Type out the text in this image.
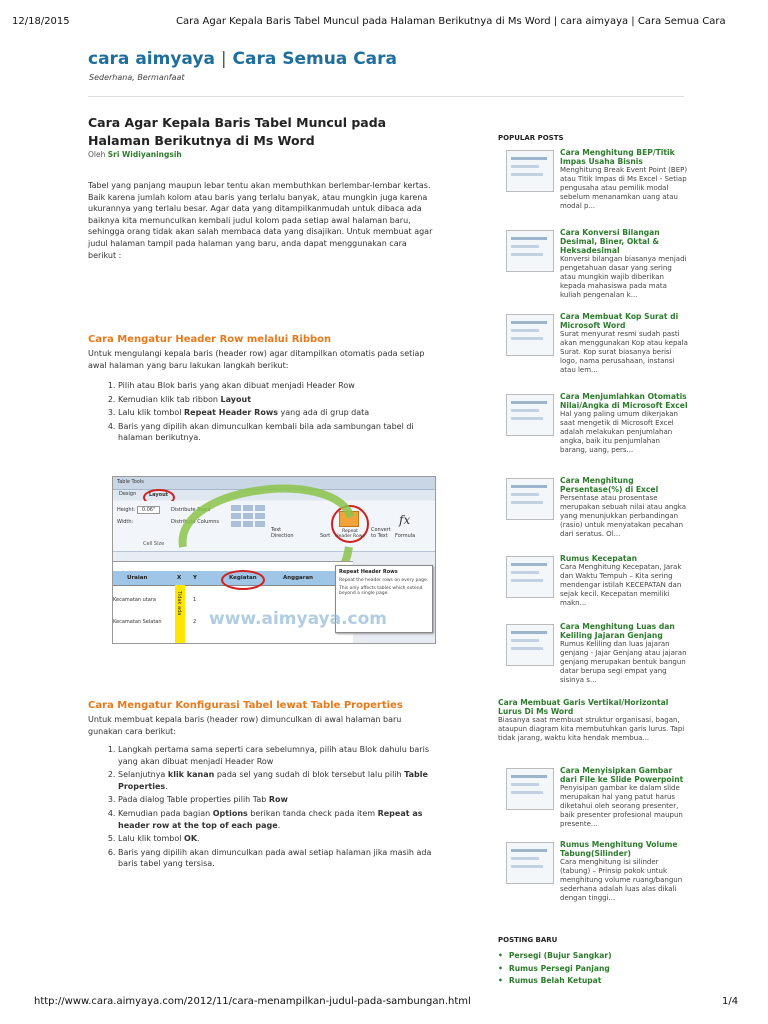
12/18/2015	Cara Agar Kepala Baris Tabel Muncul pada Halaman Berikutnya di Ms Word | cara aimyaya | Cara Semua Cara
cara aimyaya | Cara Semua Cara
Sederhana, Bermanfaat
Cara Agar Kepala Baris Tabel Muncul pada Halaman Berikutnya di Ms Word
Oleh Sri Widiyaningsih
Tabel yang panjang maupun lebar tentu akan membuthkan berlembar-lembar kertas. Baik karena jumlah kolom atau baris yang terlalu banyak, atau mungkin juga karena ukurannya yang terlalu besar. Agar data yang ditampilkanmudah untuk dibaca ada baiknya kita memunculkan kembali judul kolom pada setiap awal halaman baru, sehingga orang tidak akan salah membaca data yang disajikan. Untuk membuat agar judul halaman tampil pada halaman yang baru, anda dapat menggunakan cara berikut :
Cara Mengatur Header Row melalui Ribbon
Untuk mengulangi kepala baris (header row) agar ditampilkan otomatis pada setiap awal halaman yang baru lakukan langkah berikut:
1. Pilih atau Blok baris yang akan dibuat menjadi Header Row
2. Kemudian klik tab ribbon Layout
3. Lalu klik tombol Repeat Header Rows yang ada di grup data
4. Baris yang dipilih akan dimunculkan kembali bila ada sambungan tabel di halaman berikutnya.
Table Tools
Design	Layout
Height: 0.06"
Width:
Distribute Rows
Distribute Columns
Cell Size
Text Direction	Sort
Repeat Header Rows
Convert to Text
fx
Formula
Uraian	X Y	Kegiatan	Anggaran
Tidak ada
Kecamatan utara	1
Kecamatan Selatan	2
Repeat Header Rows
Repeat the header rows on every page.
This only affects tables which extend beyond a single page.
www.aimyaya.com
Cara Mengatur Konfigurasi Tabel lewat Table Properties
Untuk membuat kepala baris (header row) dimunculkan di awal halaman baru gunakan cara berikut:
1. Langkah pertama sama seperti cara sebelumnya, pilih atau Blok dahulu baris yang akan dibuat menjadi Header Row
2. Selanjutnya klik kanan pada sel yang sudah di blok tersebut lalu pilih Table Properties.
3. Pada dialog Table properties pilih Tab Row
4. Kemudian pada bagian Options berikan tanda check pada item Repeat as header row at the top of each page.
5. Lalu klik tombol OK.
6. Baris yang dipilih akan dimunculkan pada awal setiap halaman jika masih ada baris tabel yang tersisa.
POPULAR POSTS
Cara Menghitung BEP/Titik Impas Usaha Bisnis
Menghitung Break Event Point (BEP) atau Titik Impas di Ms Excel - Setiap pengusaha atau pemilik modal sebelum menanamkan uang atau modal p...
Cara Konversi Bilangan Desimal, Biner, Oktal & Heksadesimal
Konversi bilangan biasanya menjadi pengetahuan dasar yang sering atau mungkin wajib diberikan kepada mahasiswa pada mata kuliah pengenalan k...
Cara Membuat Kop Surat di Microsoft Word
Surat menyurat resmi sudah pasti akan menggunakan Kop atau kepala Surat. Kop surat biasanya berisi logo, nama perusahaan, instansi atau lem...
Cara Menjumlahkan Otomatis Nilai/Angka di Microsoft Excel
Hal yang paling umum dikerjakan saat mengetik di Microsoft Excel adalah melakukan penjumlahan angka, baik itu penjumlahan barang, uang, pers...
Cara Menghitung Persentase(%) di Excel
Persentase atau prosentase merupakan sebuah nilai atau angka yang menunjukkan perbandingan (rasio) untuk menyatakan pecahan dari seratus. Ol...
Rumus Kecepatan
Cara Menghitung Kecepatan, Jarak dan Waktu Tempuh – Kita sering mendengar istilah KECEPATAN dan sejak kecil. Kecepatan memiliki makn...
Cara Menghitung Luas dan Keliling Jajaran Genjang
Rumus Keliling dan luas jajaran genjang - Jajar Genjang atau jajaran genjang merupakan bentuk bangun datar berupa segi empat yang sisinya s...
Cara Membuat Garis Vertikal/Horizontal Lurus Di Ms Word
Biasanya saat membuat struktur organisasi, bagan, ataupun diagram kita membutuhkan garis lurus. Tapi tidak jarang, waktu kita hendak membua...
Cara Menyisipkan Gambar dari File ke Slide Powerpoint
Penyisipan gambar ke dalam slide merupakan hal yang patut harus diketahui oleh seorang presenter, baik presenter profesional maupun presente...
Rumus Menghitung Volume Tabung(Silinder)
Cara menghitung isi silinder (tabung) – Prinsip pokok untuk menghitung volume ruang/bangun sederhana adalah luas alas dikali dengan tinggi...
POSTING BARU
• Persegi (Bujur Sangkar)
• Rumus Persegi Panjang
• Rumus Belah Ketupat
http://www.cara.aimyaya.com/2012/11/cara-menampilkan-judul-pada-sambungan.html	1/4
